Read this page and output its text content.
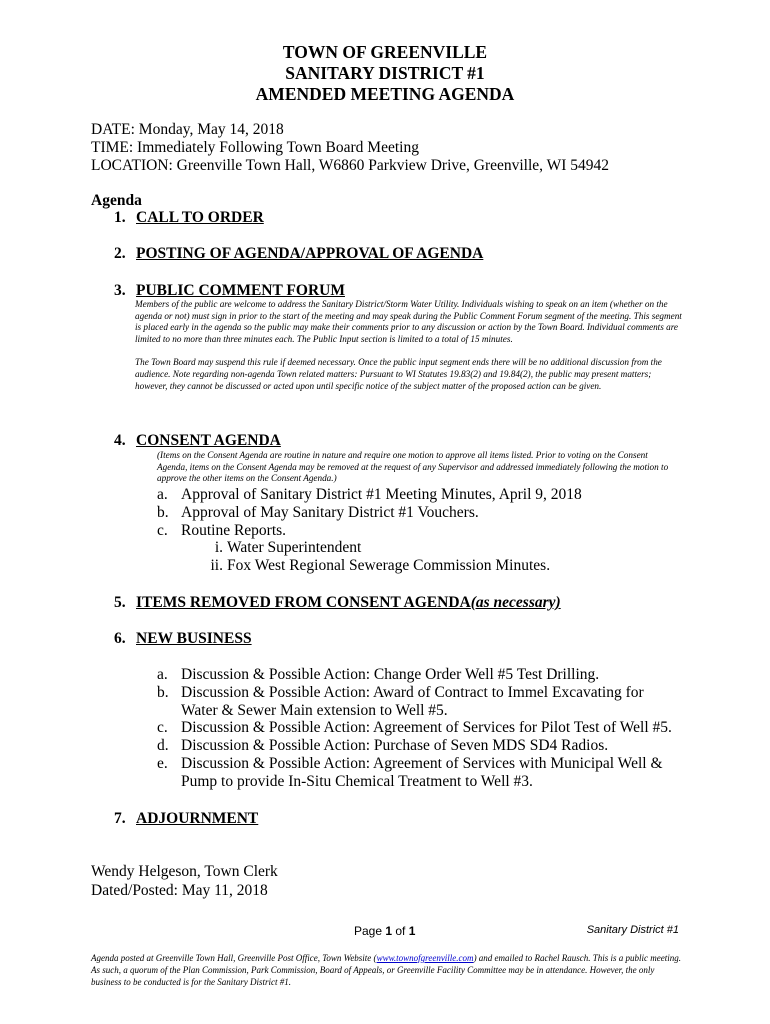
TOWN OF GREENVILLE
SANITARY DISTRICT #1
AMENDED MEETING AGENDA
DATE: Monday, May 14, 2018
TIME: Immediately Following Town Board Meeting
LOCATION: Greenville Town Hall, W6860 Parkview Drive, Greenville, WI 54942
Agenda
1. CALL TO ORDER
2. POSTING OF AGENDA/APPROVAL OF AGENDA
3. PUBLIC COMMENT FORUM

Members of the public are welcome to address the Sanitary District/Storm Water Utility. Individuals wishing to speak on an item (whether on the agenda or not) must sign in prior to the start of the meeting and may speak during the Public Comment Forum segment of the meeting. This segment is placed early in the agenda so the public may make their comments prior to any discussion or action by the Town Board. Individual comments are limited to no more than three minutes each. The Public Input section is limited to a total of 15 minutes.

The Town Board may suspend this rule if deemed necessary. Once the public input segment ends there will be no additional discussion from the audience. Note regarding non-agenda Town related matters: Pursuant to WI Statutes 19.83(2) and 19.84(2), the public may present matters; however, they cannot be discussed or acted upon until specific notice of the subject matter of the proposed action can be given.

4. CONSENT AGENDA
(Items on the Consent Agenda are routine in nature and require one motion to approve all items listed. Prior to voting on the Consent Agenda, items on the Consent Agenda may be removed at the request of any Supervisor and addressed immediately following the motion to approve the other items on the Consent Agenda.)
a. Approval of Sanitary District #1 Meeting Minutes, April 9, 2018
b. Approval of May Sanitary District #1 Vouchers.
c. Routine Reports.
i. Water Superintendent
ii. Fox West Regional Sewerage Commission Minutes.
5. ITEMS REMOVED FROM CONSENT AGENDA(as necessary)
6. NEW BUSINESS
a. Discussion & Possible Action: Change Order Well #5 Test Drilling.
b. Discussion & Possible Action: Award of Contract to Immel Excavating for Water & Sewer Main extension to Well #5.
c. Discussion & Possible Action: Agreement of Services for Pilot Test of Well #5.
d. Discussion & Possible Action: Purchase of Seven MDS SD4 Radios.
e. Discussion & Possible Action: Agreement of Services with Municipal Well & Pump to provide In-Situ Chemical Treatment to Well #3.
7. ADJOURNMENT
Wendy Helgeson, Town Clerk
Dated/Posted: May 11, 2018
Page 1 of 1	Sanitary District #1
Agenda posted at Greenville Town Hall, Greenville Post Office, Town Website (www.townofgreenville.com) and emailed to Rachel Rausch. This is a public meeting. As such, a quorum of the Plan Commission, Park Commission, Board of Appeals, or Greenville Facility Committee may be in attendance. However, the only business to be conducted is for the Sanitary District #1.
